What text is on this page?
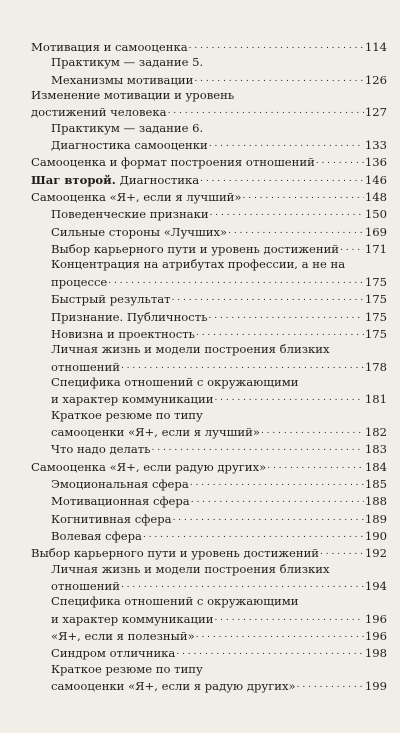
Мотивация и самооценка . . .	114
Практикум — задание 5.
Механизмы мотивации . . .	126
Изменение мотивации и уровень
достижений человека . . .	127
Практикум — задание 6.
Диагностика самооценки . . .	133
Самооценка и формат построения отношений . . .	136
Шаг второй. Диагностика . . .	146
Самооценка «Я+, если я лучший» . . .	148
Поведенческие признаки . . .	150
Сильные стороны «Лучших» . . .	169
Выбор карьерного пути и уровень достижений . . . 171
Концентрация на атрибутах профессии, а не на
процессе . . .	175
Быстрый результат . . .	175
Признание. Публичность . . .	175
Новизна и проектность . . .	175
Личная жизнь и модели построения близких
отношений . . .	178
Специфика отношений с окружающими
и характер коммуникации . . .	181
Краткое резюме по типу
самооценки «Я+, если я лучший» . . .	182
Что надо делать . . .	183
Самооценка «Я+, если радую других» . . .	184
Эмоциональная сфера . . .	185
Мотивационная сфера . . .	188
Когнитивная сфера . . .	189
Волевая сфера . . .	190
Выбор карьерного пути и уровень достижений . . .	192
Личная жизнь и модели построения близких
отношений . . .	194
Специфика отношений с окружающими
и характер коммуникации . . .	196
«Я+, если я полезный» . . .	196
Синдром отличника . . .	198
Краткое резюме по типу
самооценки «Я+, если я радую других» . . .	199
